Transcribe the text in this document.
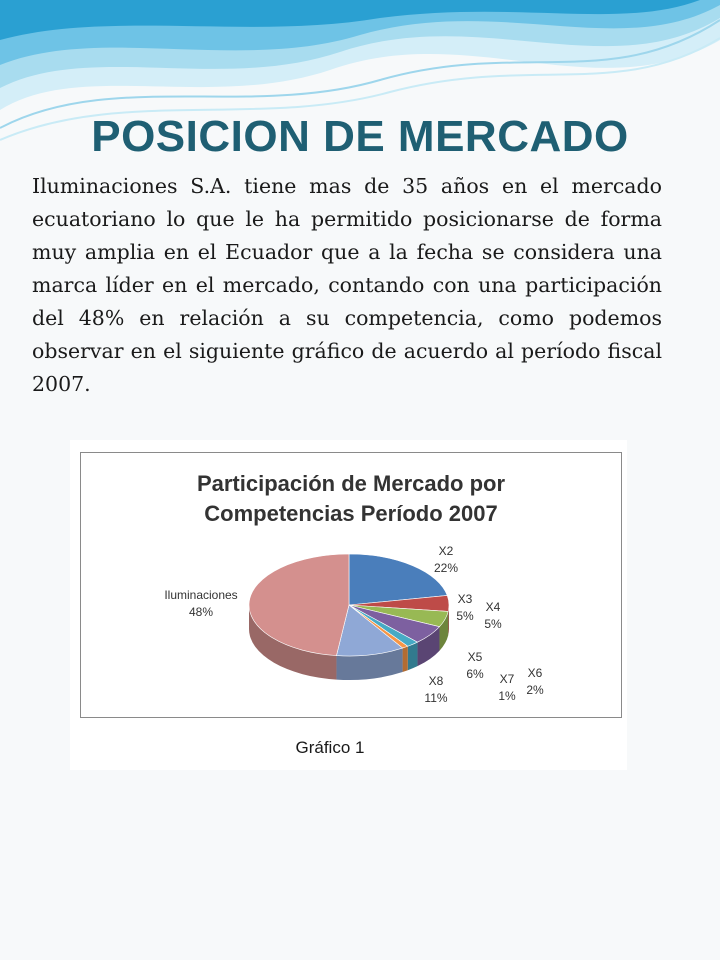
POSICION DE MERCADO

Iluminaciones S.A. tiene mas de 35 años en el mercado ecuatoriano lo que le ha permitido posicionarse de forma muy amplia en el Ecuador que a la fecha se considera una marca líder en el mercado, contando con una participación del 48% en relación a su competencia, como podemos observar en el siguiente gráfico de acuerdo al período fiscal 2007.

X2 22%
X3 5%
X4 5%
X5 6%	X6 2%
X7 1%
X8 11%
Iluminaciones 48%
Participación de Mercado por
Competencias Período 2007
Gráfico 1
